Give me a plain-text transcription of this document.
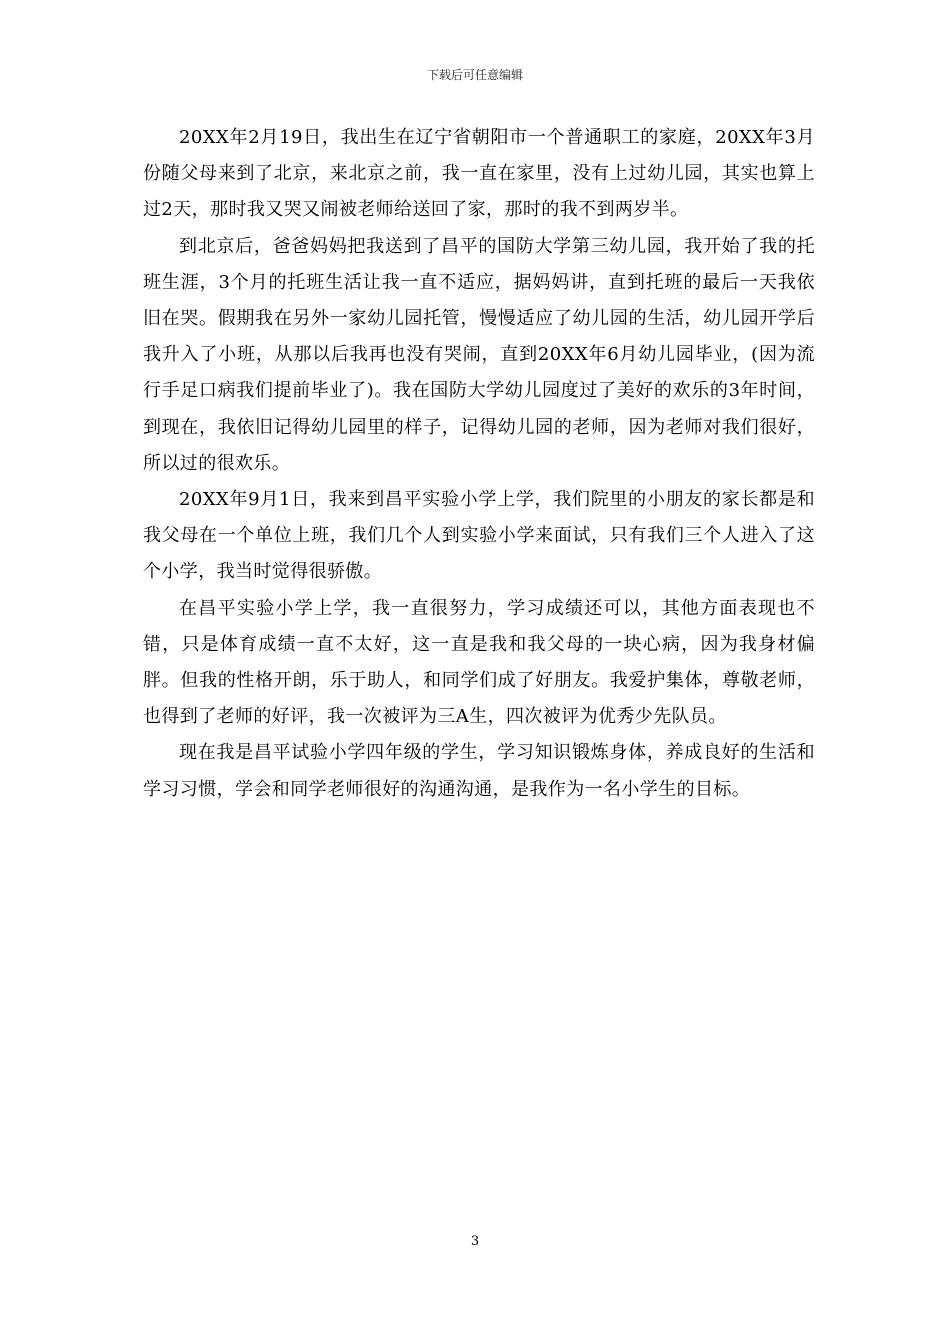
下载后可任意编辑

20XX年2月19日，我出生在辽宁省朝阳市一个普通职工的家庭，20XX年3月份随父母来到了北京，来北京之前，我一直在家里，没有上过幼儿园，其实也算上过2天，那时我又哭又闹被老师给送回了家，那时的我不到两岁半。

到北京后，爸爸妈妈把我送到了昌平的国防大学第三幼儿园，我开始了我的托班生涯，3个月的托班生活让我一直不适应，据妈妈讲，直到托班的最后一天我依旧在哭。假期我在另外一家幼儿园托管，慢慢适应了幼儿园的生活，幼儿园开学后我升入了小班，从那以后我再也没有哭闹，直到20XX年6月幼儿园毕业，(因为流行手足口病我们提前毕业了)。我在国防大学幼儿园度过了美好的欢乐的3年时间，到现在，我依旧记得幼儿园里的样子，记得幼儿园的老师，因为老师对我们很好，所以过的很欢乐。

20XX年9月1日，我来到昌平实验小学上学，我们院里的小朋友的家长都是和我父母在一个单位上班，我们几个人到实验小学来面试，只有我们三个人进入了这个小学，我当时觉得很骄傲。

在昌平实验小学上学，我一直很努力，学习成绩还可以，其他方面表现也不错，只是体育成绩一直不太好，这一直是我和我父母的一块心病，因为我身材偏胖。但我的性格开朗，乐于助人，和同学们成了好朋友。我爱护集体，尊敬老师，也得到了老师的好评，我一次被评为三A生，四次被评为优秀少先队员。

现在我是昌平试验小学四年级的学生，学习知识锻炼身体，养成良好的生活和学习习惯，学会和同学老师很好的沟通沟通，是我作为一名小学生的目标。

3
